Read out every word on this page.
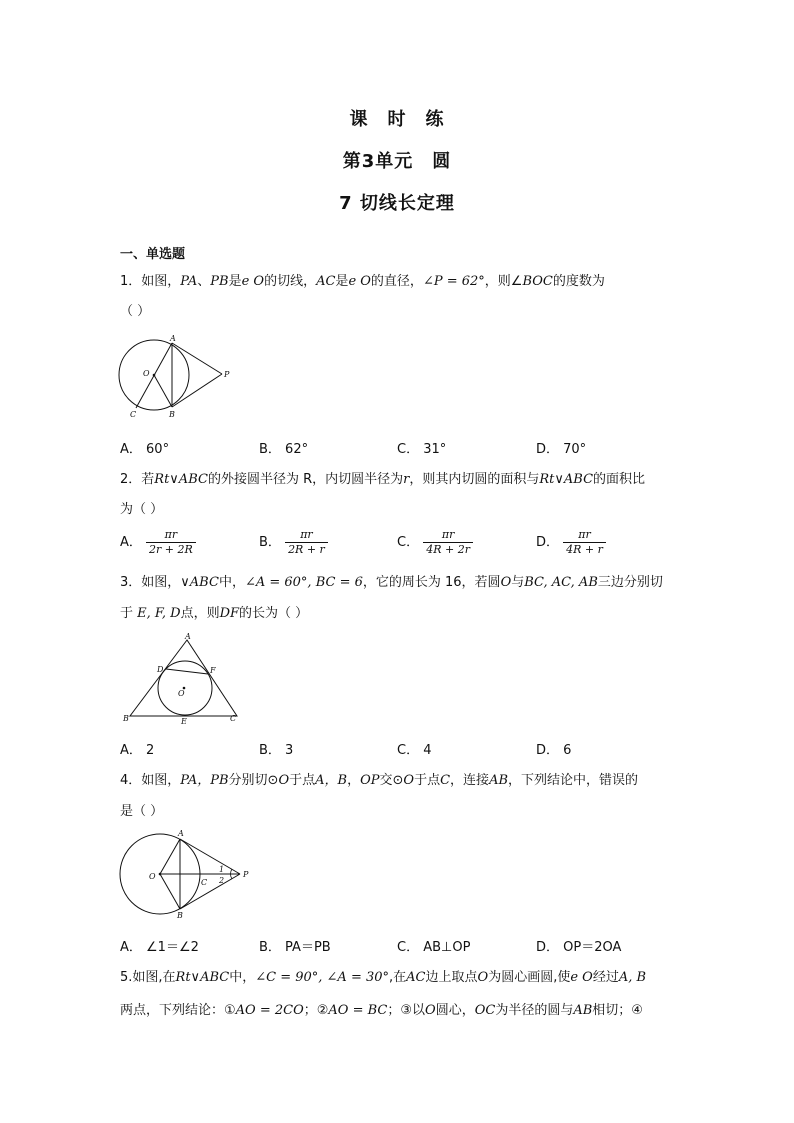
课　时　练
第3单元　圆
7 切线长定理
一、单选题
1．如图，PA、PB是e O的切线，AC是e O的直径，∠P = 62°，则∠BOC的度数为
（ ）
A
O	P
C	B
A． 60°	B． 62°	C． 31°	D． 70°
2．若Rt∨ABC的外接圆半径为 R，内切圆半径为r，则其内切圆的面积与Rt∨ABC的面积比
为（ ）
A． $\frac{\pi r}{2r + 2R}$	B． $\frac{\pi r}{2R + r}$	C． $\frac{\pi r}{4R + 2r}$	D． $\frac{\pi r}{4R + r}$
3．如图，∨ABC中，∠A = 60°, BC = 6，它的周长为 16，若圆O与BC, AC, AB三边分别切
于 E, F, D点，则DF的长为（ ）
A
D	F
O
B	E	C
A． 2	B． 3	C． 4	D． 6
4．如图，PA，PB分别切⊙O于点A，B，OP交⊙O于点C，连接AB，下列结论中，错误的
是（ ）
A
O
C
1
2
P
B
A． ∠1＝∠2	B． PA＝PB	C． AB⊥OP	D． OP＝2OA
5.如图,在Rt∨ABC中，∠C = 90°, ∠A = 30°,在AC边上取点O为圆心画圆,使e O经过A, B
两点，下列结论：①AO = 2CO；②AO = BC；③以O圆心，OC为半径的圆与AB相切；④
